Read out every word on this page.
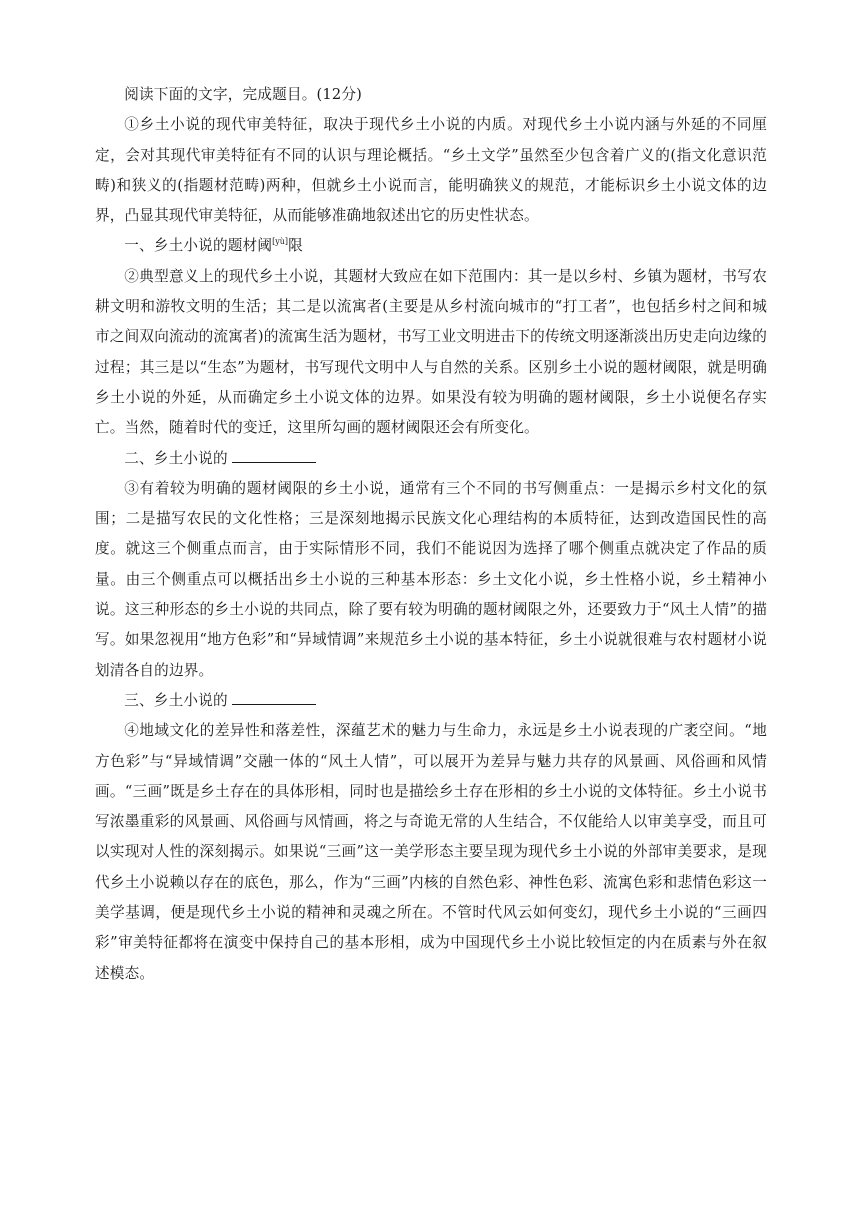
阅读下面的文字，完成题目。(12分)

①乡土小说的现代审美特征，取决于现代乡土小说的内质。对现代乡土小说内涵与外延的不同厘定，会对其现代审美特征有不同的认识与理论概括。“乡土文学”虽然至少包含着广义的(指文化意识范畴)和狭义的(指题材范畴)两种，但就乡土小说而言，能明确狭义的规范，才能标识乡土小说文体的边界，凸显其现代审美特征，从而能够准确地叙述出它的历史性状态。

一、乡土小说的题材阈[yù]限

②典型意义上的现代乡土小说，其题材大致应在如下范围内：其一是以乡村、乡镇为题材，书写农耕文明和游牧文明的生活；其二是以流寓者(主要是从乡村流向城市的“打工者”，也包括乡村之间和城市之间双向流动的流寓者)的流寓生活为题材，书写工业文明进击下的传统文明逐渐淡出历史走向边缘的过程；其三是以“生态”为题材，书写现代文明中人与自然的关系。区别乡土小说的题材阈限，就是明确乡土小说的外延，从而确定乡土小说文体的边界。如果没有较为明确的题材阈限，乡土小说便名存实亡。当然，随着时代的变迁，这里所勾画的题材阈限还会有所变化。

二、乡土小说的

③有着较为明确的题材阈限的乡土小说，通常有三个不同的书写侧重点：一是揭示乡村文化的氛围；二是描写农民的文化性格；三是深刻地揭示民族文化心理结构的本质特征，达到改造国民性的高度。就这三个侧重点而言，由于实际情形不同，我们不能说因为选择了哪个侧重点就决定了作品的质量。由三个侧重点可以概括出乡土小说的三种基本形态：乡土文化小说，乡土性格小说，乡土精神小说。这三种形态的乡土小说的共同点，除了要有较为明确的题材阈限之外，还要致力于“风土人情”的描写。如果忽视用“地方色彩”和“异域情调”来规范乡土小说的基本特征，乡土小说就很难与农村题材小说划清各自的边界。

三、乡土小说的

④地域文化的差异性和落差性，深蕴艺术的魅力与生命力，永远是乡土小说表现的广袤空间。“地方色彩”与“异域情调”交融一体的“风土人情”，可以展开为差异与魅力共存的风景画、风俗画和风情画。“三画”既是乡土存在的具体形相，同时也是描绘乡土存在形相的乡土小说的文体特征。乡土小说书写浓墨重彩的风景画、风俗画与风情画，将之与奇诡无常的人生结合，不仅能给人以审美享受，而且可以实现对人性的深刻揭示。如果说“三画”这一美学形态主要呈现为现代乡土小说的外部审美要求，是现代乡土小说赖以存在的底色，那么，作为“三画”内核的自然色彩、神性色彩、流寓色彩和悲情色彩这一美学基调，便是现代乡土小说的精神和灵魂之所在。不管时代风云如何变幻，现代乡土小说的“三画四彩”审美特征都将在演变中保持自己的基本形相，成为中国现代乡土小说比较恒定的内在质素与外在叙述模态。
